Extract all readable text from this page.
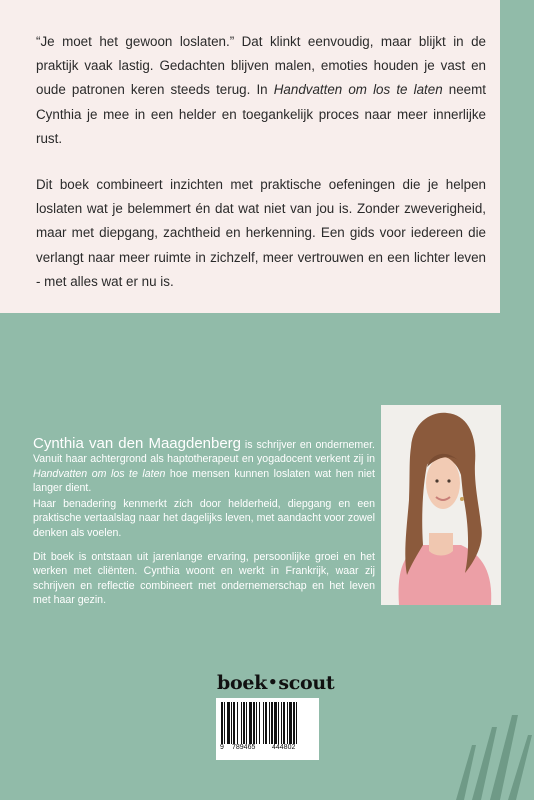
“Je moet het gewoon loslaten.” Dat klinkt eenvoudig, maar blijkt in de praktijk vaak lastig. Gedachten blijven malen, emoties houden je vast en oude patronen keren steeds terug. In Handvatten om los te laten neemt Cynthia je mee in een helder en toegankelijk proces naar meer innerlijke rust.

Dit boek combineert inzichten met praktische oefeningen die je helpen loslaten wat je belemmert én dat wat niet van jou is. Zonder zweverigheid, maar met diepgang, zachtheid en herkenning. Een gids voor iedereen die verlangt naar meer ruimte in zichzelf, meer vertrouwen en een lichter leven - met alles wat er nu is.

Cynthia van den Maagdenberg is schrijver en ondernemer. Vanuit haar achtergrond als haptotherapeut en yogadocent verkent zij in Handvatten om los te laten hoe mensen kunnen loslaten wat hen niet langer dient.

Haar benadering kenmerkt zich door helderheid, diepgang en een praktische vertaalslag naar het dagelijks leven, met aandacht voor zowel denken als voelen.

Dit boek is ontstaan uit jarenlange ervaring, persoonlijke groei en het werken met cliënten. Cynthia woont en werkt in Frankrijk, waar zij schrijven en reflectie combineert met ondernemerschap en het leven met haar gezin.

boek•scout
9 789465 444802
